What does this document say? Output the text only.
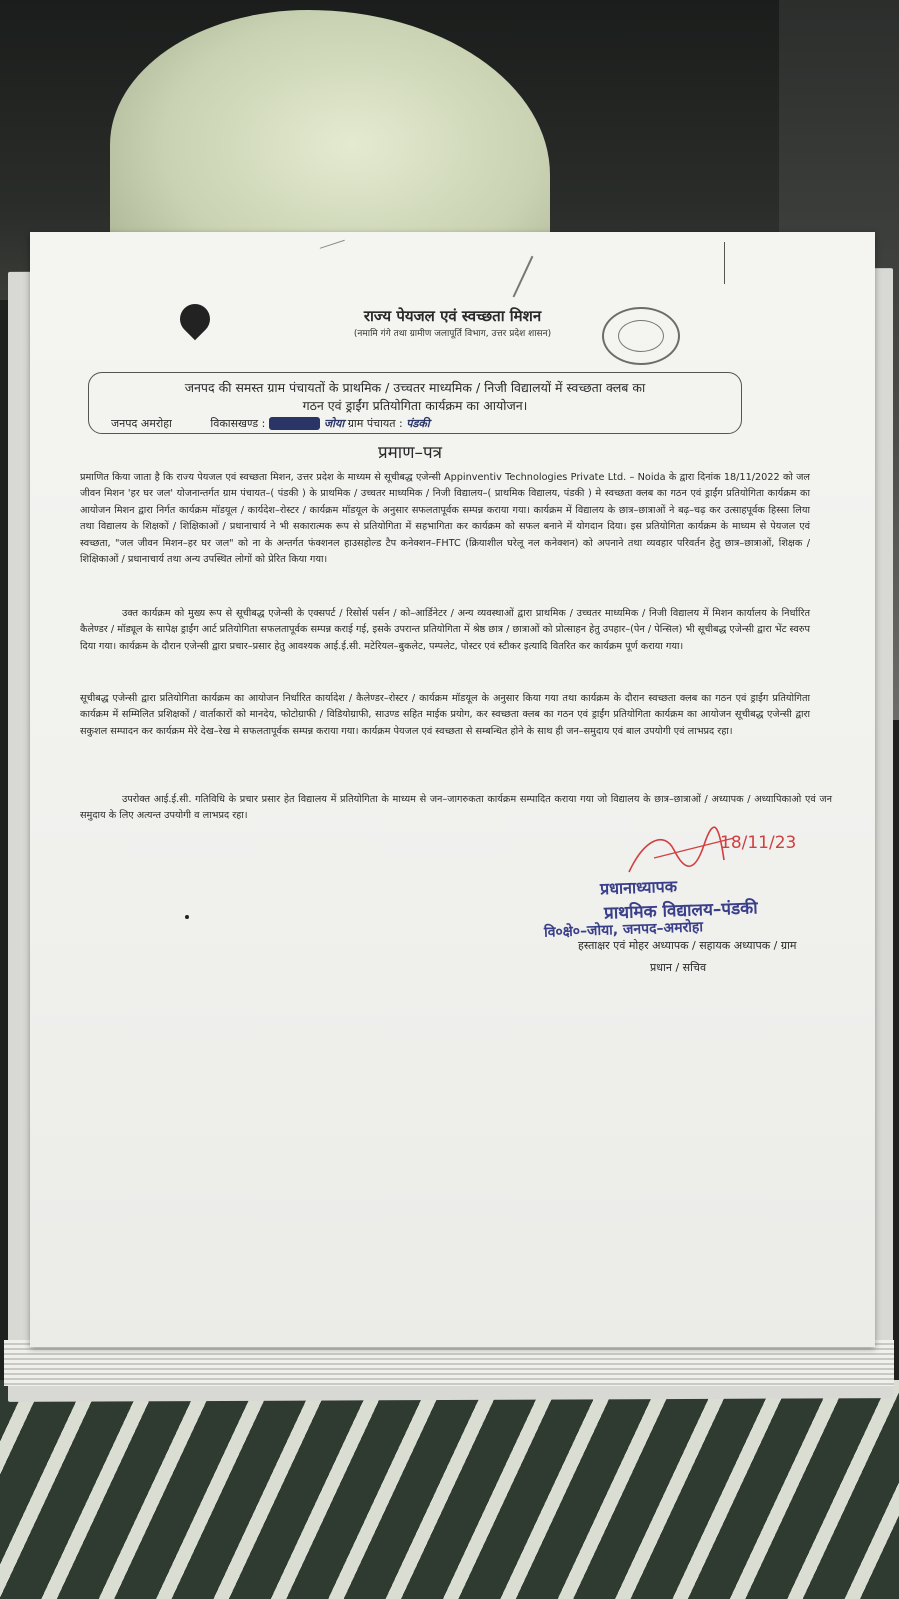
राज्य पेयजल एवं स्वच्छता मिशन
(नमामि गंगे तथा ग्रामीण जलापूर्ति विभाग, उत्तर प्रदेश शासन)
जनपद की समस्त ग्राम पंचायतों के प्राथमिक / उच्चतर माध्यमिक / निजी विद्यालयों में स्वच्छता क्लब का
गठन एवं ड्राईंग प्रतियोगिता कार्यक्रम का आयोजन।
जनपद अमरोहा	विकासखण्ड : xxxxxxx जोया ग्राम पंचायत : पंडकी
प्रमाण–पत्र
प्रमाणित किया जाता है कि राज्य पेयजल एवं स्वच्छता मिशन, उत्तर प्रदेश के माध्यम से सूचीबद्ध एजेन्सी Appinventiv Technologies Private Ltd. – Noida के द्वारा दिनांक 18/11/2022 को जल जीवन मिशन 'हर घर जल' योजनान्तर्गत ग्राम पंचायत–( पंडकी ) के प्राथमिक / उच्चतर माध्यमिक / निजी विद्यालय–( प्राथमिक विद्यालय, पंडकी ) मे स्वच्छता क्लब का गठन एवं ड्राईंग प्रतियोगिता कार्यक्रम का आयोजन मिशन द्वारा निर्गत कार्यक्रम मॉडयूल / कार्यदेश–रोस्टर / कार्यक्रम मॉडयूल के अनुसार सफलतापूर्वक सम्पन्न कराया गया। कार्यक्रम में विद्यालय के छात्र–छात्राओं ने बढ़–चढ़ कर उत्साहपूर्वक हिस्सा लिया तथा विद्यालय के शिक्षकों / शिक्षिकाओं / प्रधानाचार्य ने भी सकारात्मक रूप से प्रतियोगिता में सहभागिता कर कार्यक्रम को सफल बनाने में योगदान दिया। इस प्रतियोगिता कार्यक्रम के माध्यम से पेयजल एवं स्वच्छता, "जल जीवन मिशन–हर घर जल" को ना के अन्तर्गत फंक्शनल हाउसहोल्ड टैप कनेक्शन–FHTC (क्रियाशील घरेलू नल कनेक्शन) को अपनाने तथा व्यवहार परिवर्तन हेतु छात्र–छात्राओं, शिक्षक / शिक्षिकाओं / प्रधानाचार्य तथा अन्य उपस्थित लोगों को प्रेरित किया गया।
उक्त कार्यक्रम को मुख्य रूप से सूचीबद्ध एजेन्सी के एक्सपर्ट / रिसोर्स पर्सन / को–आर्डिनेटर / अन्य व्यवस्थाओं द्वारा प्राथमिक / उच्चतर माध्यमिक / निजी विद्यालय में मिशन कार्यालय के निर्धारित कैलेण्डर / मॉड्यूल के सापेक्ष ड्राईंग आर्ट प्रतियोगिता सफलतापूर्वक सम्पन्न कराई गई, इसके उपरान्त प्रतियोगिता में श्रेष्ठ छात्र / छात्राओं को प्रोत्साहन हेतु उपहार–(पेन / पेन्सिल) भी सूचीबद्ध एजेन्सी द्वारा भेंट स्वरुप दिया गया। कार्यक्रम के दौरान एजेन्सी द्वारा प्रचार–प्रसार हेतु आवश्यक आई.ई.सी. मटेरियल–बुकलेट, पम्पलेट, पोस्टर एवं स्टीकर इत्यादि वितरित कर कार्यक्रम पूर्ण कराया गया।
सूचीबद्ध एजेन्सी द्वारा प्रतियोगिता कार्यक्रम का आयोजन निर्धारित कार्यादेश / कैलेण्डर–रोस्टर / कार्यक्रम मॉडयूल के अनुसार किया गया तथा कार्यक्रम के दौरान स्वच्छता क्लब का गठन एवं ड्राईंग प्रतियोगिता कार्यक्रम में सम्मिलित प्रशिक्षकों / वार्ताकारों को मानदेय, फोटोग्राफी / विडियोग्राफी, साउण्ड सहित माईक प्रयोग, कर स्वच्छता क्लब का गठन एवं ड्राईंग प्रतियोगिता कार्यक्रम का आयोजन सूचीबद्ध एजेन्सी द्वारा सकुशल सम्पादन कर कार्यक्रम मेरे देख–रेख मे सफलतापूर्वक सम्पन्न कराया गया। कार्यक्रम पेयजल एवं स्वच्छता से सम्बन्धित होने के साथ ही जन–समुदाय एवं बाल उपयोगी एवं लाभप्रद रहा।
उपरोक्त आई.ई.सी. गतिविधि के प्रचार प्रसार हेत विद्यालय में प्रतियोगिता के माध्यम से जन–जागरुकता कार्यक्रम सम्पादित कराया गया जो विद्यालय के छात्र–छात्राओं / अध्यापक / अध्यापिकाओ एवं जन समुदाय के लिए अत्यन्त उपयोगी व लाभप्रद रहा।
18/11/23
प्रधानाध्यापक
प्राथमिक विद्यालय–पंडकी
वि०क्षे०–जोया, जनपद–अमरोहा
हस्ताक्षर एवं मोहर अध्यापक / सहायक अध्यापक / ग्राम
प्रधान / सचिव
